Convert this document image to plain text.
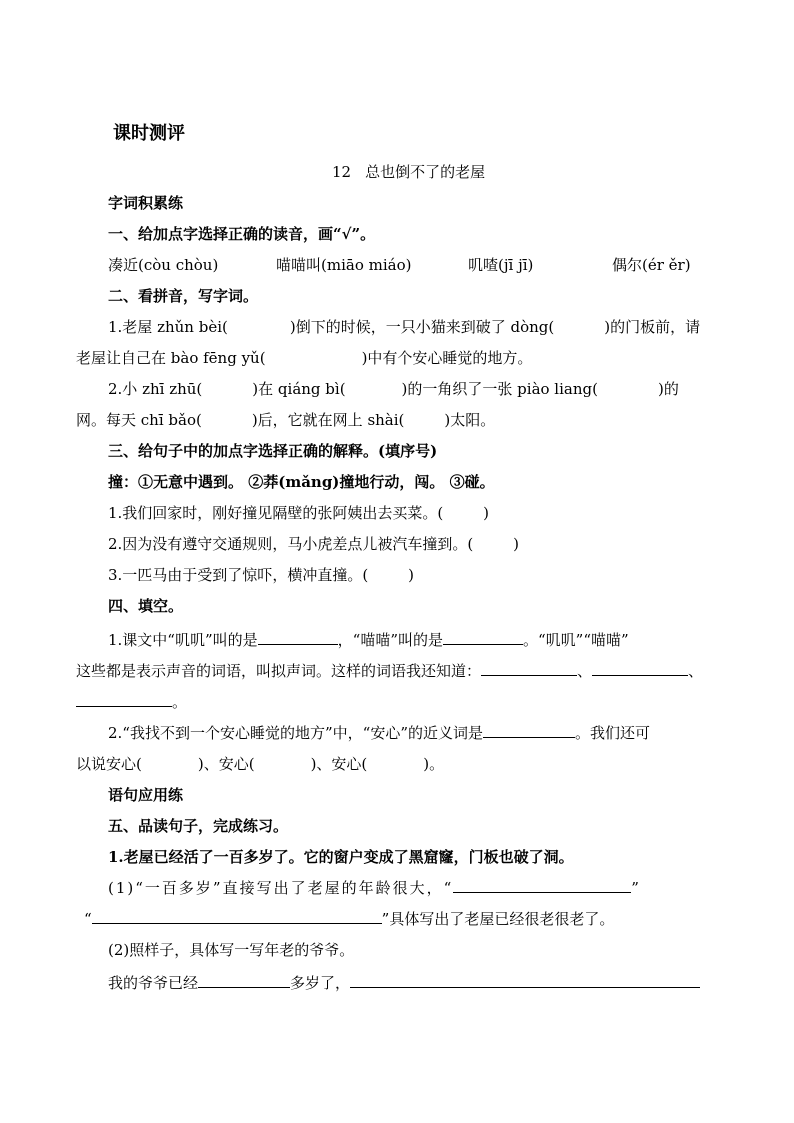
课时测评
12 总也倒不了的老屋
字词积累练
一、给加点字选择正确的读音，画“√”。
凑近(còu chòu)	喵喵叫(miāo miáo)	叽喳(jī jī)	偶尔(ér ěr)
二、看拼音，写字词。
1.老屋 zhǔn bèi(	)倒下的时候，一只小猫来到破了 dòng(	)的门板前，请
老屋让自己在 bào fēng yǔ(	)中有个安心睡觉的地方。
2.小 zhī zhū(	)在 qiáng bì(	)的一角织了一张 piào liang(	)的
网。每天 chī bǎo(	)后，它就在网上 shài(	)太阳。
三、给句子中的加点字选择正确的解释。(填序号)
撞：①无意中遇到。 ②莽(mǎng)撞地行动，闯。 ③碰。
1.我们回家时，刚好撞见隔壁的张阿姨出去买菜。(	)
2.因为没有遵守交通规则，马小虎差点儿被汽车撞到。(	)
3.一匹马由于受到了惊吓，横冲直撞。(	)
四、填空。
1.课文中“叽叽”叫的是	，“喵喵”叫的是	。“叽叽”“喵喵”
这些都是表示声音的词语，叫拟声词。这样的词语我还知道：	、	、
。
2.“我找不到一个安心睡觉的地方”中，“安心”的近义词是	。我们还可
以说安心(	)、安心(	)、安心(	)。
语句应用练
五、品读句子，完成练习。
1.老屋已经活了一百多岁了。它的窗户变成了黑窟窿，门板也破了洞。
(1)“一百多岁”直接写出了老屋的年龄很大，“	”
“	”具体写出了老屋已经很老很老了。
(2)照样子，具体写一写年老的爷爷。
我的爷爷已经	多岁了，
